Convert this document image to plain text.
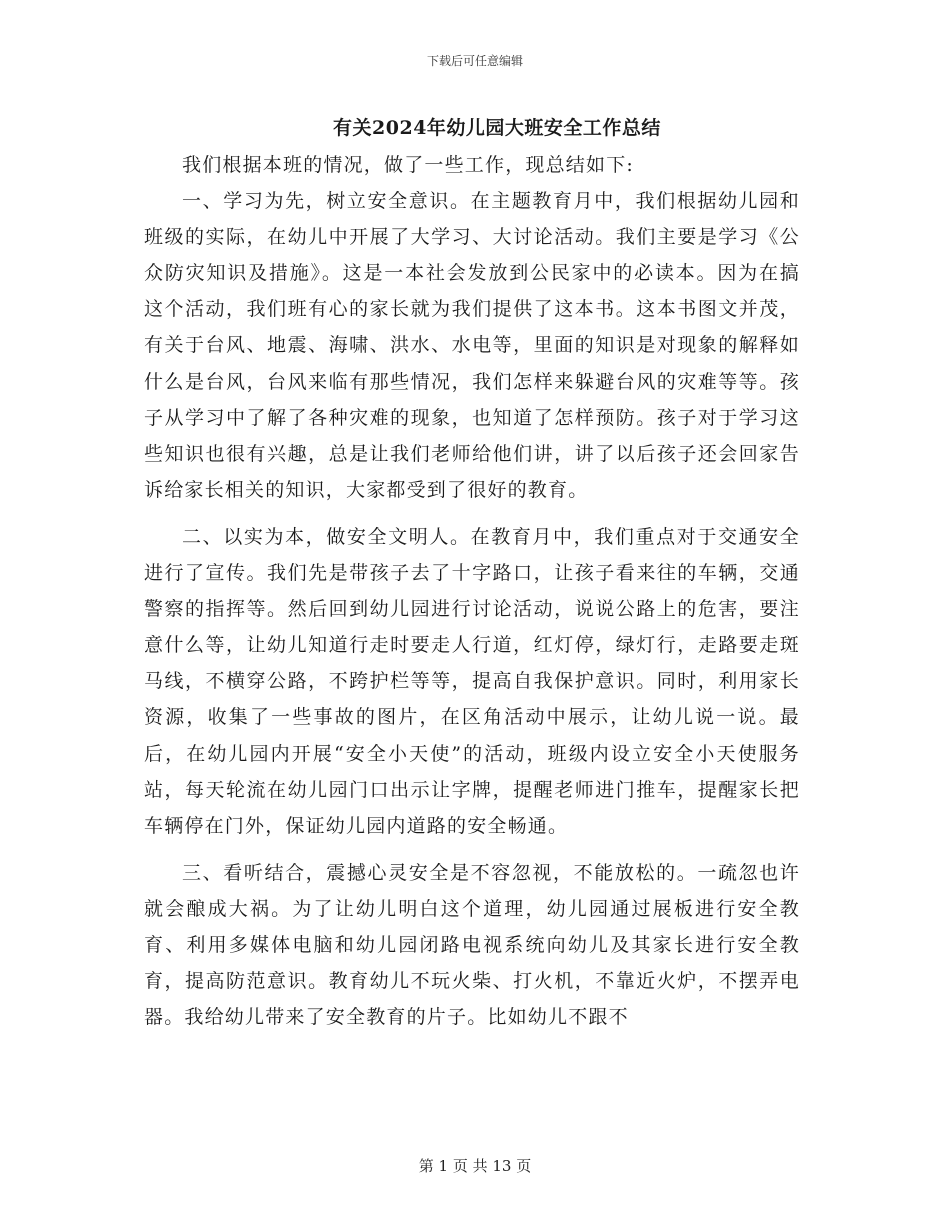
下载后可任意编辑
有关2024年幼儿园大班安全工作总结

我们根据本班的情况，做了一些工作，现总结如下:

一、学习为先，树立安全意识。在主题教育月中，我们根据幼儿园和班级的实际，在幼儿中开展了大学习、大讨论活动。我们主要是学习《公众防灾知识及措施》。这是一本社会发放到公民家中的必读本。因为在搞这个活动，我们班有心的家长就为我们提供了这本书。这本书图文并茂，有关于台风、地震、海啸、洪水、水电等，里面的知识是对现象的解释如什么是台风，台风来临有那些情况，我们怎样来躲避台风的灾难等等。孩子从学习中了解了各种灾难的现象，也知道了怎样预防。孩子对于学习这些知识也很有兴趣，总是让我们老师给他们讲，讲了以后孩子还会回家告诉给家长相关的知识，大家都受到了很好的教育。

二、以实为本，做安全文明人。在教育月中，我们重点对于交通安全进行了宣传。我们先是带孩子去了十字路口，让孩子看来往的车辆，交通警察的指挥等。然后回到幼儿园进行讨论活动，说说公路上的危害，要注意什么等，让幼儿知道行走时要走人行道，红灯停，绿灯行，走路要走斑马线，不横穿公路，不跨护栏等等，提高自我保护意识。同时，利用家长资源，收集了一些事故的图片，在区角活动中展示，让幼儿说一说。最后，在幼儿园内开展“安全小天使”的活动，班级内设立安全小天使服务站，每天轮流在幼儿园门口出示让字牌，提醒老师进门推车，提醒家长把车辆停在门外，保证幼儿园内道路的安全畅通。

三、看听结合，震撼心灵安全是不容忽视，不能放松的。一疏忽也许就会酿成大祸。为了让幼儿明白这个道理，幼儿园通过展板进行安全教育、利用多媒体电脑和幼儿园闭路电视系统向幼儿及其家长进行安全教育，提高防范意识。教育幼儿不玩火柴、打火机，不靠近火炉，不摆弄电器。我给幼儿带来了安全教育的片子。比如幼儿不跟不

第 1 页 共 13 页
